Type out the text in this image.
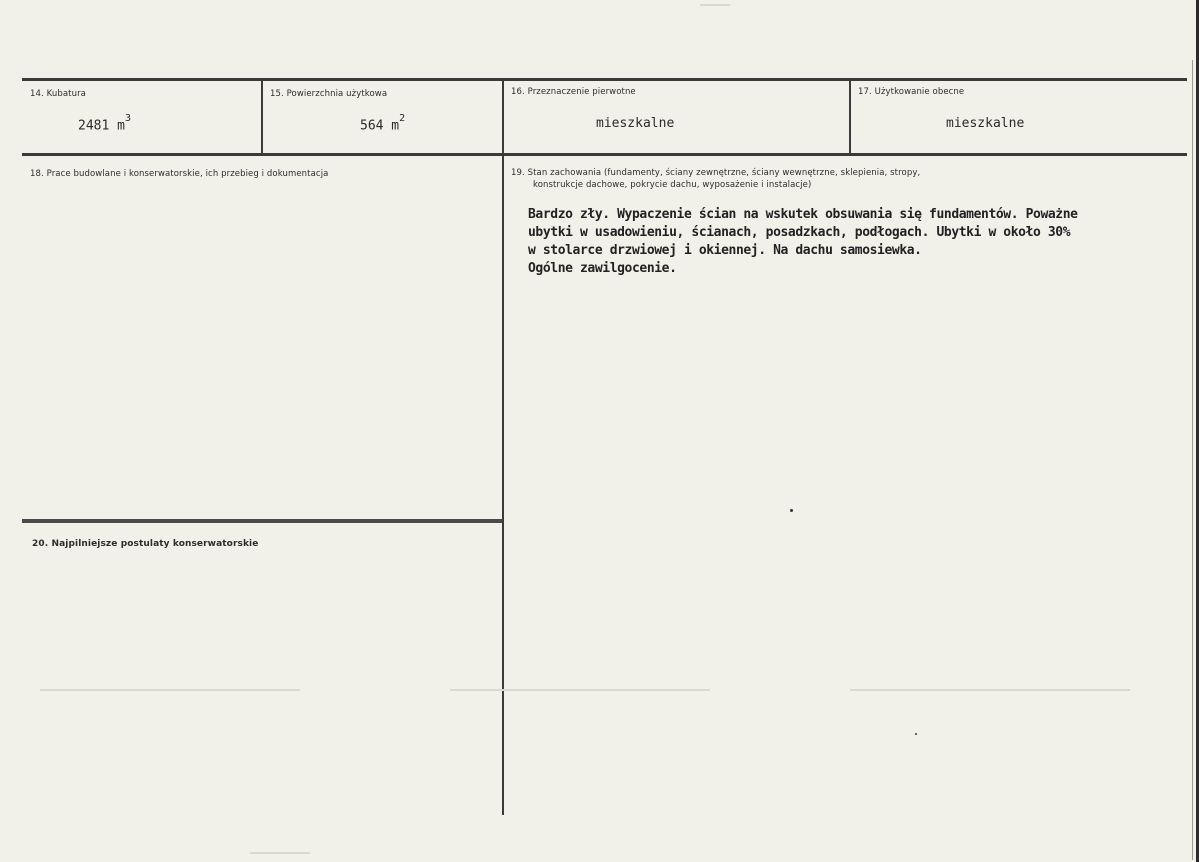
14. Kubatura
2481 $m^3$
15. Powierzchnia użytkowa
564 $m^2$
16. Przeznaczenie pierwotne
mieszkalne
17. Użytkowanie obecne
mieszkalne
18. Prace budowlane i konserwatorskie, ich przebieg i dokumentacja	19. Stan zachowania (fundamenty, ściany zewnętrzne, ściany wewnętrzne, sklepienia, stropy,
konstrukcje dachowe, pokrycie dachu, wyposażenie i instalacje)
Bardzo zły. Wypaczenie ścian na wskutek obsuwania się fundamentów. Poważne
ubytki w usadowieniu, ścianach, posadzkach, podłogach. Ubytki w około 30%
w stolarce drzwiowej i okiennej. Na dachu samosiewka.
Ogólne zawilgocenie.
20. Najpilniejsze postulaty konserwatorskie
